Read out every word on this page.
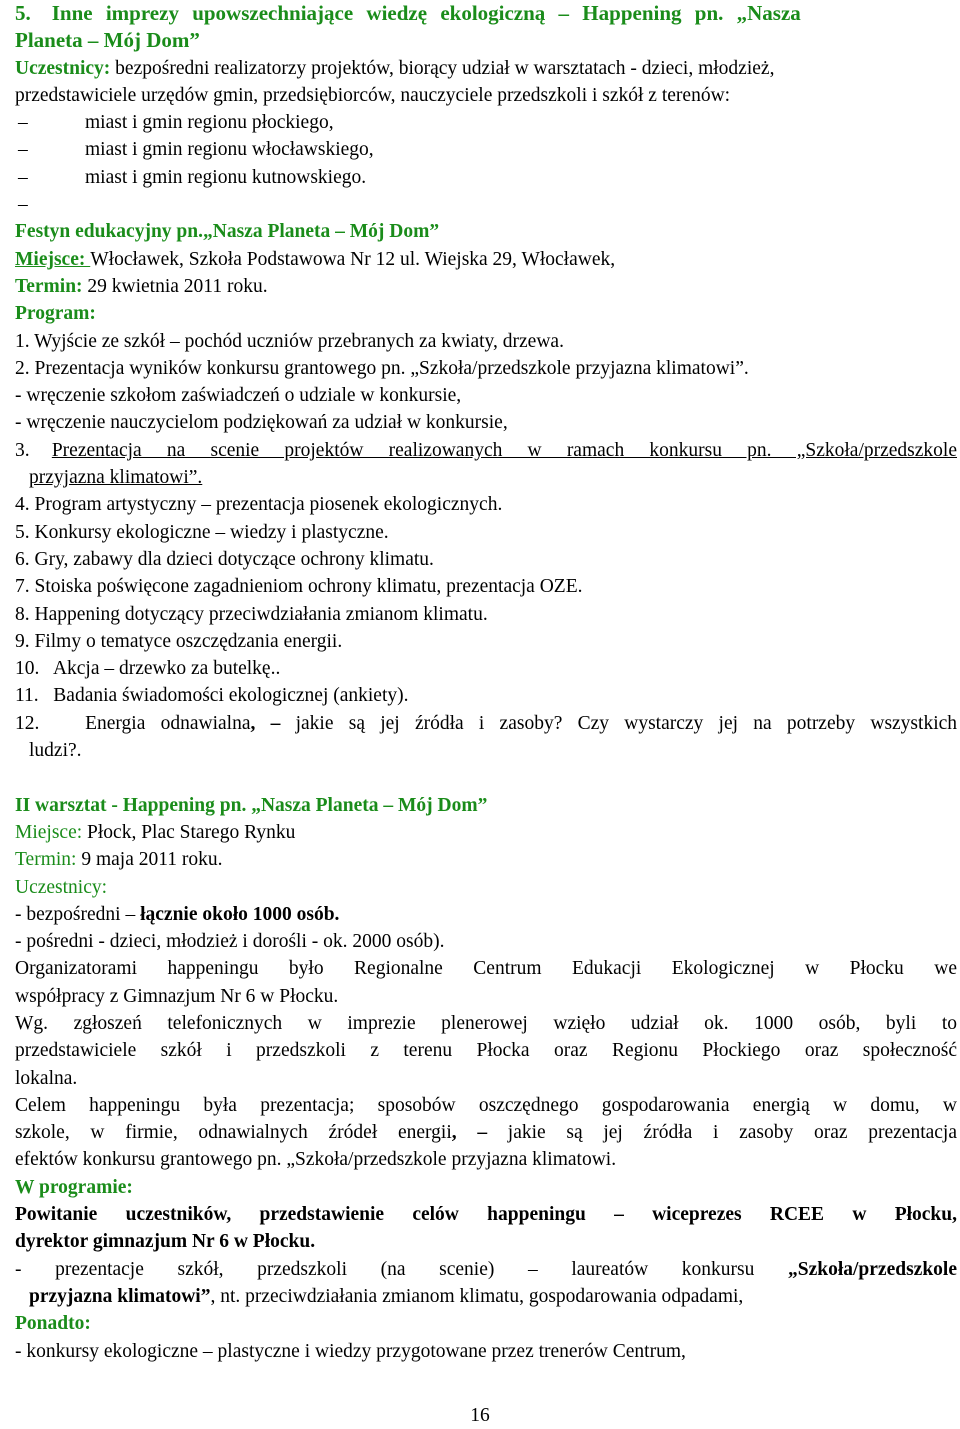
5. Inne imprezy upowszechniające wiedzę ekologiczną – Happening pn. „Nasza
Planeta – Mój Dom”
Uczestnicy: bezpośredni realizatorzy projektów, biorący udział w warsztatach - dzieci, młodzież,
przedstawiciele urzędów gmin, przedsiębiorców, nauczyciele przedszkoli i szkół z terenów:
–	miast i gmin regionu płockiego,
–	miast i gmin regionu włocławskiego,
–	miast i gmin regionu kutnowskiego.
–
Festyn edukacyjny pn.„Nasza Planeta – Mój Dom”
Miejsce: Włocławek, Szkoła Podstawowa Nr 12 ul. Wiejska 29, Włocławek,
Termin: 29 kwietnia 2011 roku.
Program:
1. Wyjście ze szkół – pochód uczniów przebranych za kwiaty, drzewa.
2. Prezentacja wyników konkursu grantowego pn. „Szkoła/przedszkole przyjazna klimatowi”.
- wręczenie szkołom zaświadczeń o udziale w konkursie,
- wręczenie nauczycielom podziękowań za udział w konkursie,
3. Prezentacja na scenie projektów realizowanych w ramach konkursu pn. „Szkoła/przedszkole
przyjazna klimatowi”.
4. Program artystyczny – prezentacja piosenek ekologicznych.
5. Konkursy ekologiczne – wiedzy i plastyczne.
6. Gry, zabawy dla dzieci dotyczące ochrony klimatu.
7. Stoiska poświęcone zagadnieniom ochrony klimatu, prezentacja OZE.
8. Happening dotyczący przeciwdziałania zmianom klimatu.
9. Filmy o tematyce oszczędzania energii.
10. Akcja – drzewko za butelkę..
11. Badania świadomości ekologicznej (ankiety).
12. Energia odnawialna, – jakie są jej źródła i zasoby? Czy wystarczy jej na potrzeby wszystkich
ludzi?.
II warsztat - Happening pn. „Nasza Planeta – Mój Dom”
Miejsce: Płock, Plac Starego Rynku
Termin: 9 maja 2011 roku.
Uczestnicy:
- bezpośredni – łącznie około 1000 osób.
- pośredni - dzieci, młodzież i dorośli - ok. 2000 osób).
Organizatorami happeningu było Regionalne Centrum Edukacji Ekologicznej w Płocku we
współpracy z Gimnazjum Nr 6 w Płocku.
Wg. zgłoszeń telefonicznych w imprezie plenerowej wzięło udział ok. 1000 osób, byli to
przedstawiciele szkół i przedszkoli z terenu Płocka oraz Regionu Płockiego oraz społeczność
lokalna.
Celem happeningu była prezentacja; sposobów oszczędnego gospodarowania energią w domu, w
szkole, w firmie, odnawialnych źródeł energii, – jakie są jej źródła i zasoby oraz prezentacja
efektów konkursu grantowego pn. „Szkoła/przedszkole przyjazna klimatowi.
W programie:
Powitanie uczestników, przedstawienie celów happeningu – wiceprezes RCEE w Płocku,
dyrektor gimnazjum Nr 6 w Płocku.
- prezentacje szkół, przedszkoli (na scenie) – laureatów konkursu „Szkoła/przedszkole
przyjazna klimatowi”, nt. przeciwdziałania zmianom klimatu, gospodarowania odpadami,
Ponadto:
- konkursy ekologiczne – plastyczne i wiedzy przygotowane przez trenerów Centrum,
16
